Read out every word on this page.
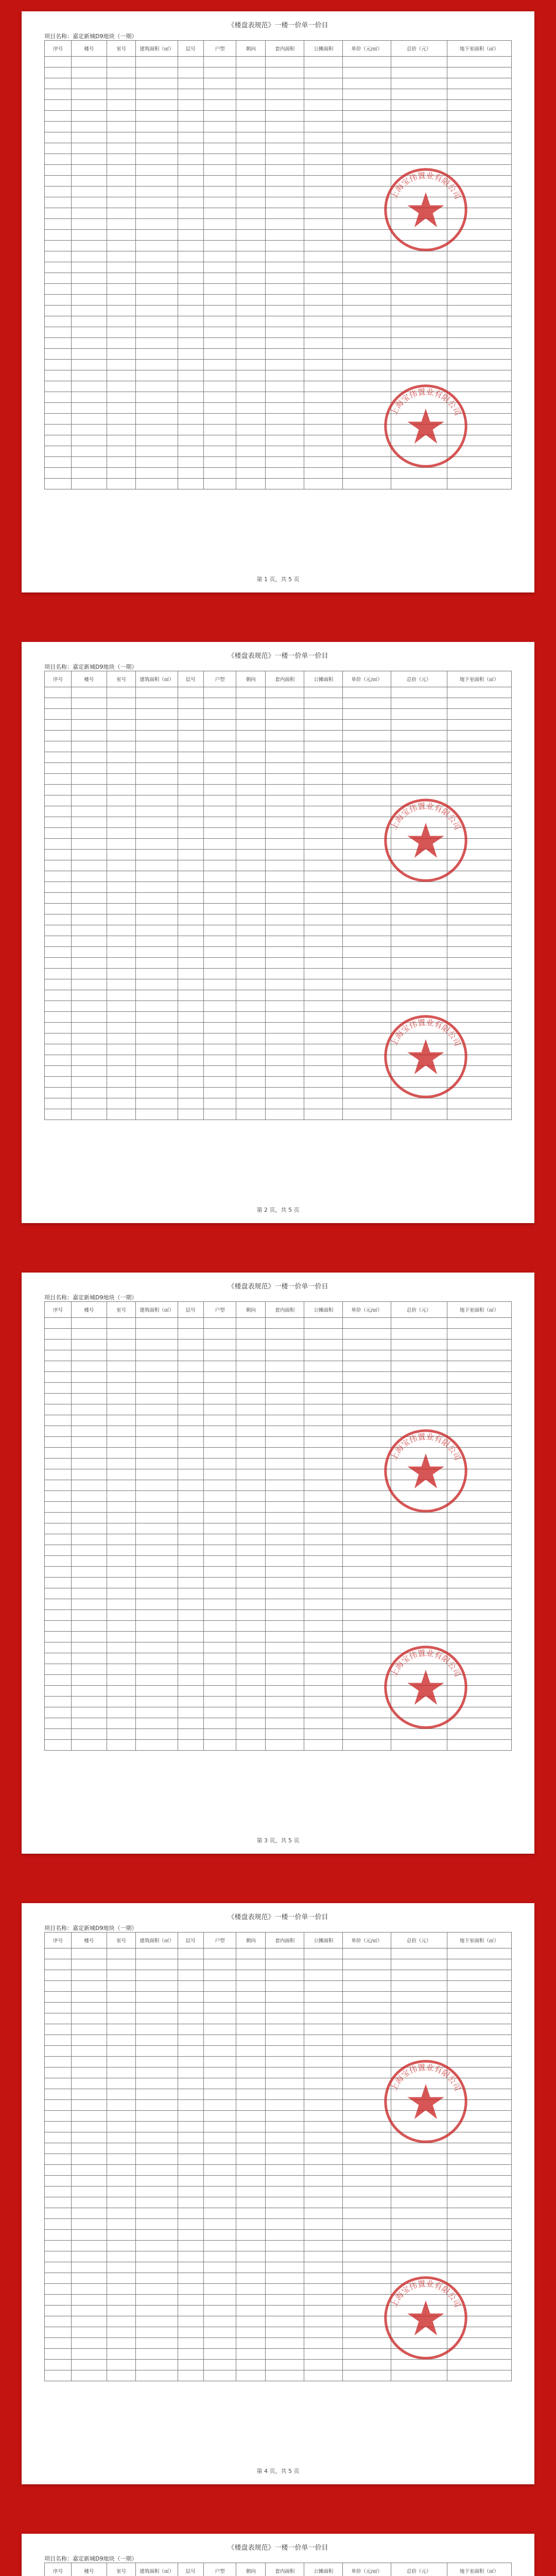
《楼盘表规范》一楼一价单一价目
项目名称：嘉定新城D9地块（一期）
序号	楼号	室号	建筑面积（㎡）	层号	户型	朝向	套内面积	公摊面积	单价（元/㎡）	总价（元）	地下室面积（㎡）

上海宝伟置业有限公司
上海宝伟置业有限公司
第 1 页，共 5 页
《楼盘表规范》一楼一价单一价目
项目名称：嘉定新城D9地块（一期）
序号	楼号	室号	建筑面积（㎡）	层号	户型	朝向	套内面积	公摊面积	单价（元/㎡）	总价（元）	地下室面积（㎡）

上海宝伟置业有限公司
上海宝伟置业有限公司
第 2 页，共 5 页
《楼盘表规范》一楼一价单一价目
项目名称：嘉定新城D9地块（一期）
序号	楼号	室号	建筑面积（㎡）	层号	户型	朝向	套内面积	公摊面积	单价（元/㎡）	总价（元）	地下室面积（㎡）

上海宝伟置业有限公司
上海宝伟置业有限公司
第 3 页，共 5 页
《楼盘表规范》一楼一价单一价目
项目名称：嘉定新城D9地块（一期）
序号	楼号	室号	建筑面积（㎡）	层号	户型	朝向	套内面积	公摊面积	单价（元/㎡）	总价（元）	地下室面积（㎡）

上海宝伟置业有限公司
上海宝伟置业有限公司
第 4 页，共 5 页
《楼盘表规范》一楼一价单一价目
项目名称：嘉定新城D9地块（一期）
序号	楼号	室号	建筑面积（㎡）	层号	户型	朝向	套内面积	公摊面积	单价（元/㎡）	总价（元）	地下室面积（㎡）
